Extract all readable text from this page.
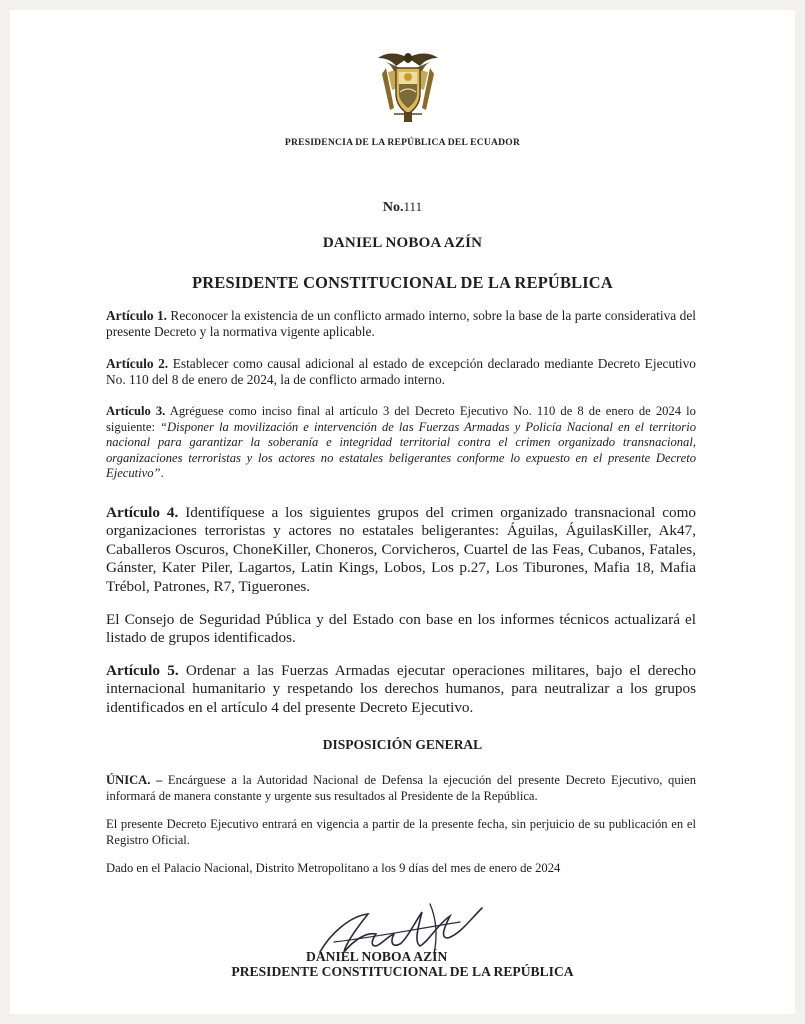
PRESIDENCIA DE LA REPÚBLICA DEL ECUADOR
No.111
DANIEL NOBOA AZÍN
PRESIDENTE CONSTITUCIONAL DE LA REPÚBLICA
Artículo 1. Reconocer la existencia de un conflicto armado interno, sobre la base de la parte considerativa del presente Decreto y la normativa vigente aplicable.
Artículo 2. Establecer como causal adicional al estado de excepción declarado mediante Decreto Ejecutivo No. 110 del 8 de enero de 2024, la de conflicto armado interno.
Artículo 3. Agréguese como inciso final al artículo 3 del Decreto Ejecutivo No. 110 de 8 de enero de 2024 lo siguiente: “Disponer la movilización e intervención de las Fuerzas Armadas y Policía Nacional en el territorio nacional para garantizar la soberanía e integridad territorial contra el crimen organizado transnacional, organizaciones terroristas y los actores no estatales beligerantes conforme lo expuesto en el presente Decreto Ejecutivo”.
Artículo 4. Identifíquese a los siguientes grupos del crimen organizado transnacional como organizaciones terroristas y actores no estatales beligerantes: Águilas, ÁguilasKiller, Ak47, Caballeros Oscuros, ChoneKiller, Choneros, Corvicheros, Cuartel de las Feas, Cubanos, Fatales, Gánster, Kater Piler, Lagartos, Latin Kings, Lobos, Los p.27, Los Tiburones, Mafia 18, Mafia Trébol, Patrones, R7, Tiguerones.
El Consejo de Seguridad Pública y del Estado con base en los informes técnicos actualizará el listado de grupos identificados.
Artículo 5. Ordenar a las Fuerzas Armadas ejecutar operaciones militares, bajo el derecho internacional humanitario y respetando los derechos humanos, para neutralizar a los grupos identificados en el artículo 4 del presente Decreto Ejecutivo.
DISPOSICIÓN GENERAL
ÚNICA. – Encárguese a la Autoridad Nacional de Defensa la ejecución del presente Decreto Ejecutivo, quien informará de manera constante y urgente sus resultados al Presidente de la República.
El presente Decreto Ejecutivo entrará en vigencia a partir de la presente fecha, sin perjuicio de su publicación en el Registro Oficial.
Dado en el Palacio Nacional, Distrito Metropolitano a los 9 días del mes de enero de 2024
DANIEL NOBOA AZÍN
PRESIDENTE CONSTITUCIONAL DE LA REPÚBLICA
